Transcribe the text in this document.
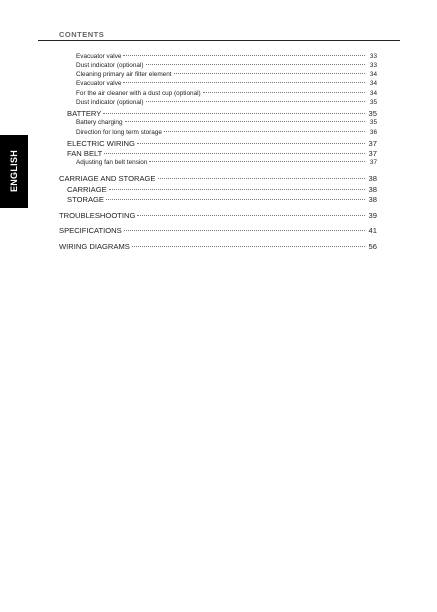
CONTENTS
ENGLISH
Evacuator valve	33
Dust indicator (optional)	33
Cleaning primary air filter element	34
Evacuator valve	34
For the air cleaner with a dust cup (optional)	34
Dust indicator (optional)	35
BATTERY	35
Battery charging	35
Direction for long term storage	36
ELECTRIC WIRING	37
FAN BELT	37
Adjusting fan belt tension	37
CARRIAGE AND STORAGE	38
CARRIAGE	38
STORAGE	38
TROUBLESHOOTING	39
SPECIFICATIONS	41
WIRING DIAGRAMS	56
